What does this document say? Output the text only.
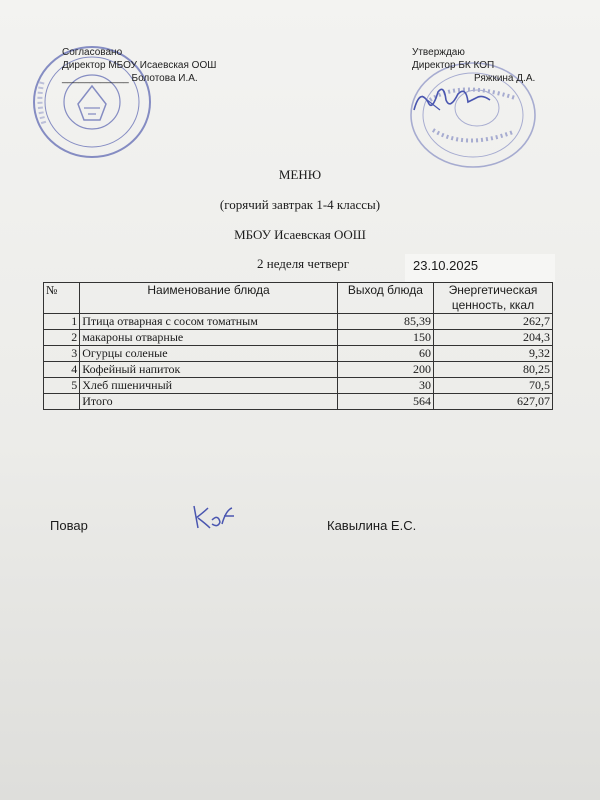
Согласовано
Директор МБОУ Исаевская ООШ
____________ Болотова И.А.
Утверждаю
Директор БК КОП
Ряжкина Д.А.
МЕНЮ
(горячий завтрак 1-4 классы)
МБОУ Исаевская ООШ
2 неделя четверг	23.10.2025
№	Наименование блюда	Выход блюда	Энергетическая ценность, ккал
1	Птица отварная с сосом томатным	85,39	262,7
2	макароны отварные	150	204,3
3	Огурцы соленые	60	9,32
4	Кофейный напиток	200	80,25
5	Хлеб пшеничный	30	70,5
	Итого	564	627,07
Повар	Кавылина Е.С.
